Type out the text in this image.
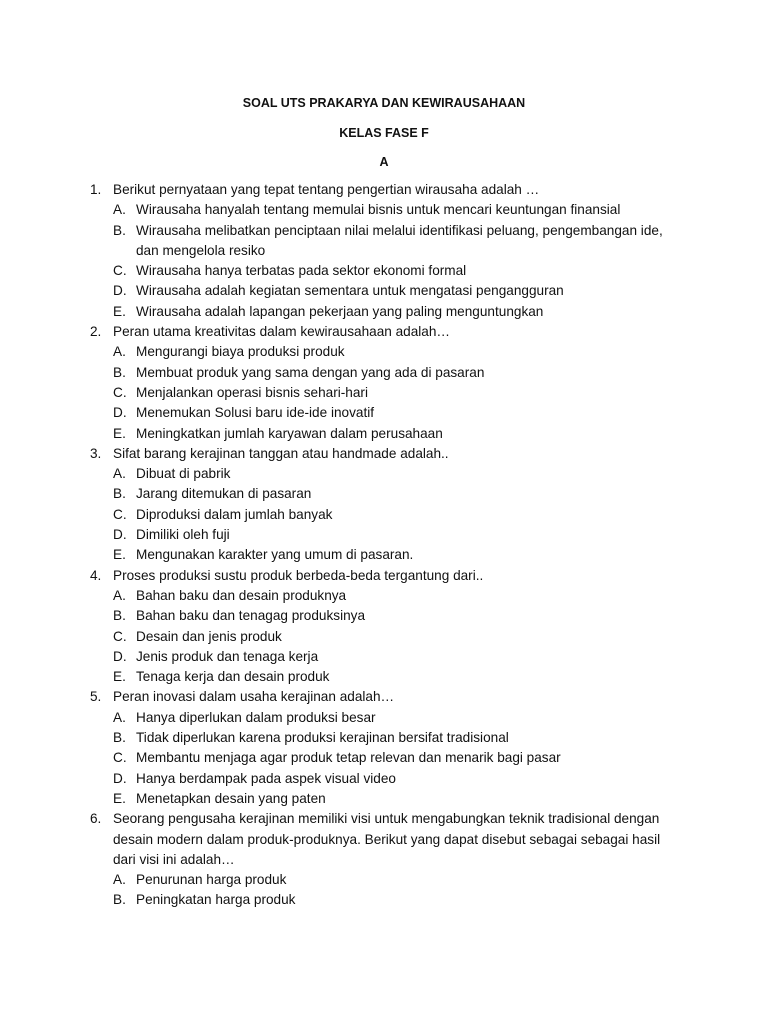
SOAL UTS PRAKARYA DAN KEWIRAUSAHAAN
KELAS FASE F
A
1. Berikut pernyataan yang tepat tentang pengertian wirausaha adalah …
A. Wirausaha hanyalah tentang memulai bisnis untuk mencari keuntungan finansial
B. Wirausaha melibatkan penciptaan nilai melalui identifikasi peluang, pengembangan ide, dan mengelola resiko
C. Wirausaha hanya terbatas pada sektor ekonomi formal
D. Wirausaha adalah kegiatan sementara untuk mengatasi pengangguran
E. Wirausaha adalah lapangan pekerjaan yang paling menguntungkan
2. Peran utama kreativitas dalam kewirausahaan adalah…
A. Mengurangi biaya produksi produk
B. Membuat produk yang sama dengan yang ada di pasaran
C. Menjalankan operasi bisnis sehari-hari
D. Menemukan Solusi baru ide-ide inovatif
E. Meningkatkan jumlah karyawan dalam perusahaan
3. Sifat barang kerajinan tanggan atau handmade adalah..
A. Dibuat di pabrik
B. Jarang ditemukan di pasaran
C. Diproduksi dalam jumlah banyak
D. Dimiliki oleh fuji
E. Mengunakan karakter yang umum di pasaran.
4. Proses produksi sustu produk berbeda-beda tergantung dari..
A. Bahan baku dan desain produknya
B. Bahan baku dan tenagag produksinya
C. Desain dan jenis produk
D. Jenis produk dan tenaga kerja
E. Tenaga kerja dan desain produk
5. Peran inovasi dalam usaha kerajinan adalah…
A. Hanya diperlukan dalam produksi besar
B. Tidak diperlukan karena produksi kerajinan bersifat tradisional
C. Membantu menjaga agar produk tetap relevan dan menarik bagi pasar
D. Hanya berdampak pada aspek visual video
E. Menetapkan desain yang paten
6. Seorang pengusaha kerajinan memiliki visi untuk mengabungkan teknik tradisional dengan desain modern dalam produk-produknya. Berikut yang dapat disebut sebagai sebagai hasil dari visi ini adalah…
A. Penurunan harga produk
B. Peningkatan harga produk
